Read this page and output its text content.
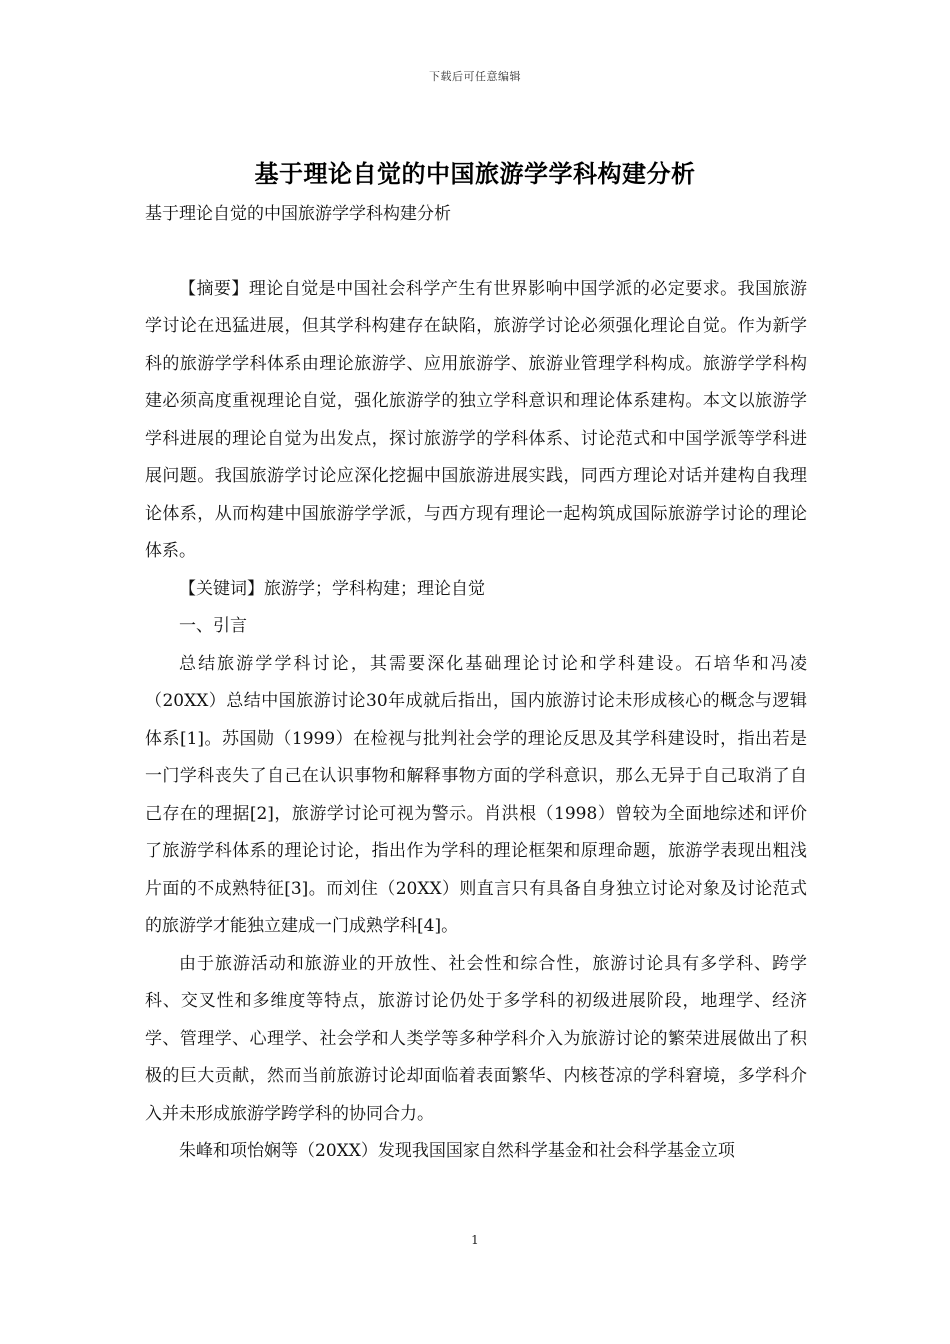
下载后可任意编辑
基于理论自觉的中国旅游学学科构建分析

基于理论自觉的中国旅游学学科构建分析

【摘要】理论自觉是中国社会科学产生有世界影响中国学派的必定要求。我国旅游学讨论在迅猛进展，但其学科构建存在缺陷，旅游学讨论必须强化理论自觉。作为新学科的旅游学学科体系由理论旅游学、应用旅游学、旅游业管理学科构成。旅游学学科构建必须高度重视理论自觉，强化旅游学的独立学科意识和理论体系建构。本文以旅游学学科进展的理论自觉为出发点，探讨旅游学的学科体系、讨论范式和中国学派等学科进展问题。我国旅游学讨论应深化挖掘中国旅游进展实践，同西方理论对话并建构自我理论体系，从而构建中国旅游学学派，与西方现有理论一起构筑成国际旅游学讨论的理论体系。

【关键词】旅游学；学科构建；理论自觉

一、引言

总结旅游学学科讨论，其需要深化基础理论讨论和学科建设。石培华和冯凌（20XX）总结中国旅游讨论30年成就后指出，国内旅游讨论未形成核心的概念与逻辑体系[1]。苏国勋（1999）在检视与批判社会学的理论反思及其学科建设时，指出若是一门学科丧失了自己在认识事物和解释事物方面的学科意识，那么无异于自己取消了自己存在的理据[2]，旅游学讨论可视为警示。肖洪根（1998）曾较为全面地综述和评价了旅游学科体系的理论讨论，指出作为学科的理论框架和原理命题，旅游学表现出粗浅片面的不成熟特征[3]。而刘住（20XX）则直言只有具备自身独立讨论对象及讨论范式的旅游学才能独立建成一门成熟学科[4]。

由于旅游活动和旅游业的开放性、社会性和综合性，旅游讨论具有多学科、跨学科、交叉性和多维度等特点，旅游讨论仍处于多学科的初级进展阶段，地理学、经济学、管理学、心理学、社会学和人类学等多种学科介入为旅游讨论的繁荣进展做出了积极的巨大贡献，然而当前旅游讨论却面临着表面繁华、内核苍凉的学科窘境，多学科介入并未形成旅游学跨学科的协同合力。

朱峰和项怡娴等（20XX）发现我国国家自然科学基金和社会科学基金立项

1
